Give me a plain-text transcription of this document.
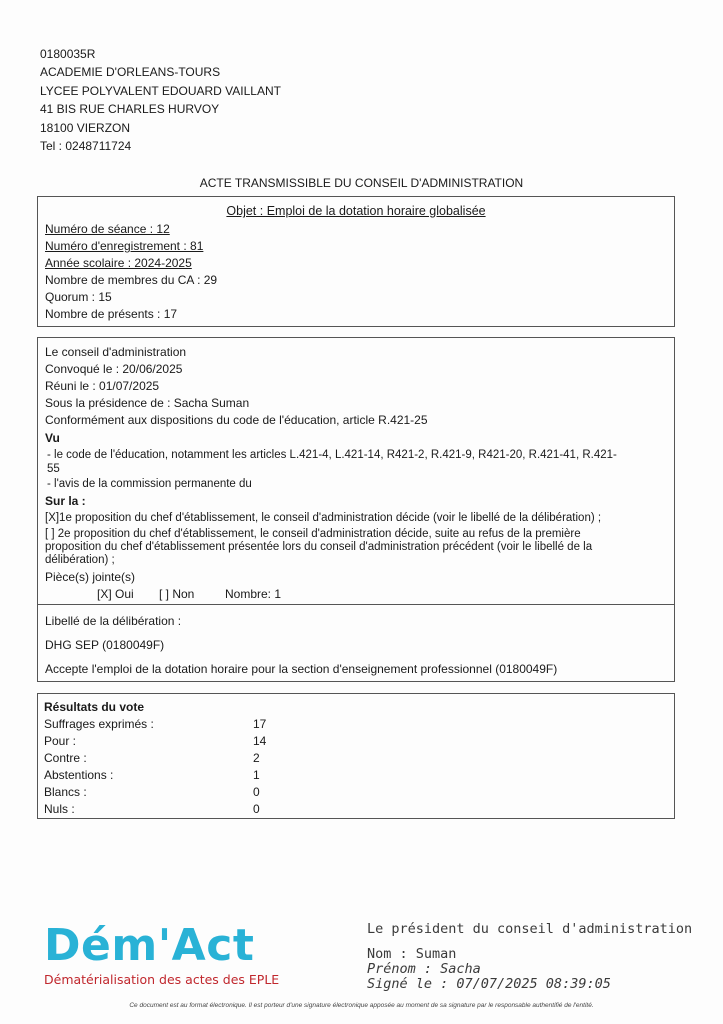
0180035R
ACADEMIE D'ORLEANS-TOURS
LYCEE POLYVALENT EDOUARD VAILLANT
41 BIS RUE CHARLES HURVOY
18100 VIERZON
Tel : 0248711724
ACTE TRANSMISSIBLE DU CONSEIL D'ADMINISTRATION
Objet : Emploi de la dotation horaire globalisée
Numéro de séance : 12
Numéro d'enregistrement : 81
Année scolaire : 2024-2025
Nombre de membres du CA : 29
Quorum : 15
Nombre de présents : 17
Le conseil d'administration
Convoqué le : 20/06/2025
Réuni le : 01/07/2025
Sous la présidence de : Sacha Suman
Conformément aux dispositions du code de l'éducation, article R.421-25
Vu
- le code de l'éducation, notamment les articles L.421-4, L.421-14, R421-2, R.421-9, R421-20, R.421-41, R.421-
55
- l'avis de la commission permanente du
Sur la :
[X]1e proposition du chef d'établissement, le conseil d'administration décide (voir le libellé de la délibération) ;
[ ] 2e proposition du chef d'établissement, le conseil d'administration décide, suite au refus de la première
proposition du chef d'établissement présentée lors du conseil d'administration précédent (voir le libellé de la
délibération) ;
Pièce(s) jointe(s)
[X] Oui [ ] Non	Nombre: 1
Libellé de la délibération :
DHG SEP (0180049F)
Accepte l'emploi de la dotation horaire pour la section d'enseignement professionnel (0180049F)
Résultats du vote
Suffrages exprimés :	17
Pour :	14
Contre :	2
Abstentions :	1
Blancs :	0
Nuls :	0
Dém'Act
Dématérialisation des actes des EPLE
Le président du conseil d'administration
Nom : Suman
Prénom : Sacha
Signé le : 07/07/2025 08:39:05
Ce document est au format électronique. Il est porteur d'une signature électronique apposée au moment de sa signature par le responsable authentifié de l'entité.
